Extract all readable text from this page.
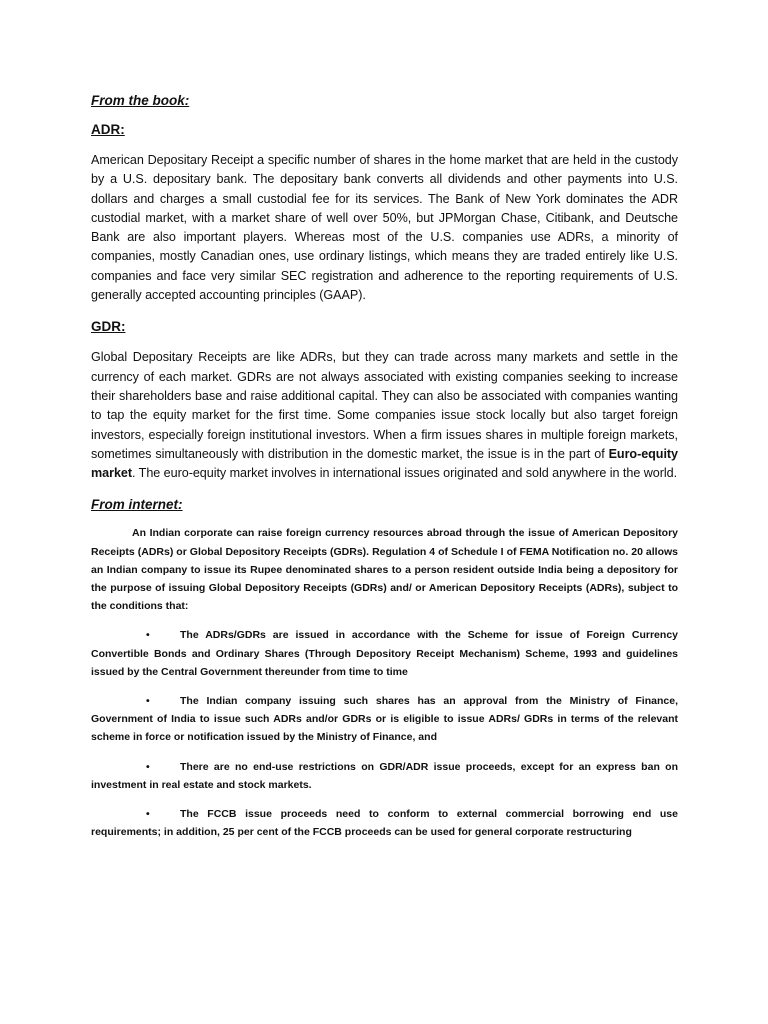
From the book:

ADR:

American Depositary Receipt a specific number of shares in the home market that are held in the custody by a U.S. depositary bank. The depositary bank converts all dividends and other payments into U.S. dollars and charges a small custodial fee for its services. The Bank of New York dominates the ADR custodial market, with a market share of well over 50%, but JPMorgan Chase, Citibank, and Deutsche Bank are also important players. Whereas most of the U.S. companies use ADRs, a minority of companies, mostly Canadian ones, use ordinary listings, which means they are traded entirely like U.S. companies and face very similar SEC registration and adherence to the reporting requirements of U.S. generally accepted accounting principles (GAAP).

GDR:

Global Depositary Receipts are like ADRs, but they can trade across many markets and settle in the currency of each market. GDRs are not always associated with existing companies seeking to increase their shareholders base and raise additional capital. They can also be associated with companies wanting to tap the equity market for the first time. Some companies issue stock locally but also target foreign investors, especially foreign institutional investors. When a firm issues shares in multiple foreign markets, sometimes simultaneously with distribution in the domestic market, the issue is in the part of Euro-equity market. The euro-equity market involves in international issues originated and sold anywhere in the world.

From internet:

An Indian corporate can raise foreign currency resources abroad through the issue of American Depository Receipts (ADRs) or Global Depository Receipts (GDRs). Regulation 4 of Schedule I of FEMA Notification no. 20 allows an Indian company to issue its Rupee denominated shares to a person resident outside India being a depository for the purpose of issuing Global Depository Receipts (GDRs) and/ or American Depository Receipts (ADRs), subject to the conditions that:

•	The ADRs/GDRs are issued in accordance with the Scheme for issue of Foreign Currency Convertible Bonds and Ordinary Shares (Through Depository Receipt Mechanism) Scheme, 1993 and guidelines issued by the Central Government thereunder from time to time

•	The Indian company issuing such shares has an approval from the Ministry of Finance, Government of India to issue such ADRs and/or GDRs or is eligible to issue ADRs/ GDRs in terms of the relevant scheme in force or notification issued by the Ministry of Finance, and

•	There are no end-use restrictions on GDR/ADR issue proceeds, except for an express ban on investment in real estate and stock markets.

•	The FCCB issue proceeds need to conform to external commercial borrowing end use requirements; in addition, 25 per cent of the FCCB proceeds can be used for general corporate restructuring
